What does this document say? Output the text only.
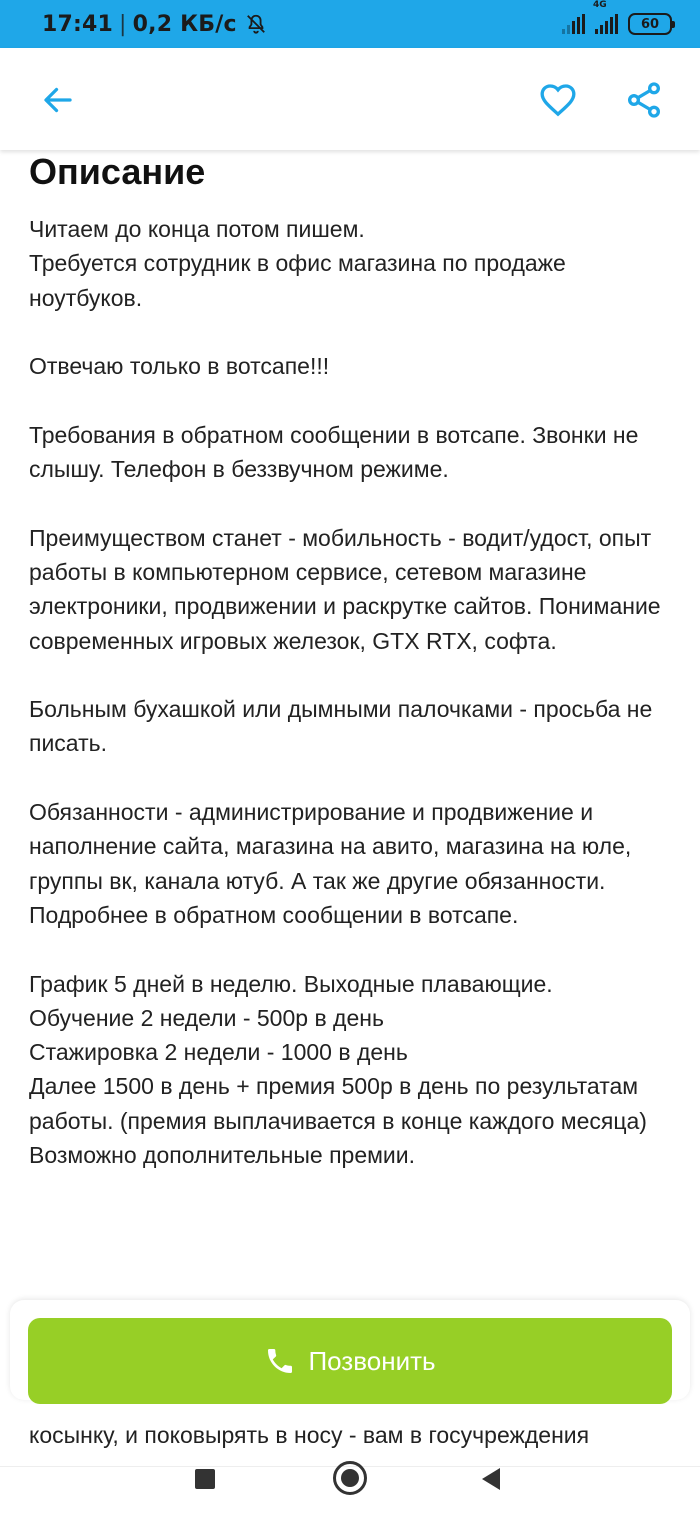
17:41 | 0,2 КБ/с
4G
60
Описание

Читаем до конца потом пишем.
Требуется сотрудник в офис магазина по продаже ноутбуков.

Отвечаю только в вотсапе!!!

Требования в обратном сообщении в вотсапе. Звонки не слышу. Телефон в беззвучном режиме.

Преимуществом станет - мобильность - водит/удост, опыт работы в компьютерном сервисе, сетевом магазине электроники, продвижении и раскрутке сайтов. Понимание современных игровых железок, GTX RTX, софта.

Больным бухашкой или дымными палочками - просьба не писать.

Обязанности - администрирование и продвижение и наполнение сайта, магазина на авито, магазина на юле, группы вк, канала ютуб. А так же другие обязанности. Подробнее в обратном сообщении в вотсапе.

График 5 дней в неделю. Выходные плавающие.
Обучение 2 недели - 500р в день
Стажировка 2 недели - 1000 в день
Далее 1500 в день + премия 500р в день по результатам работы. (премия выплачивается в конце каждого месяца)
Возможно дополнительные премии.

косынку, и поковырять в носу - вам в госучреждения
Позвонить
